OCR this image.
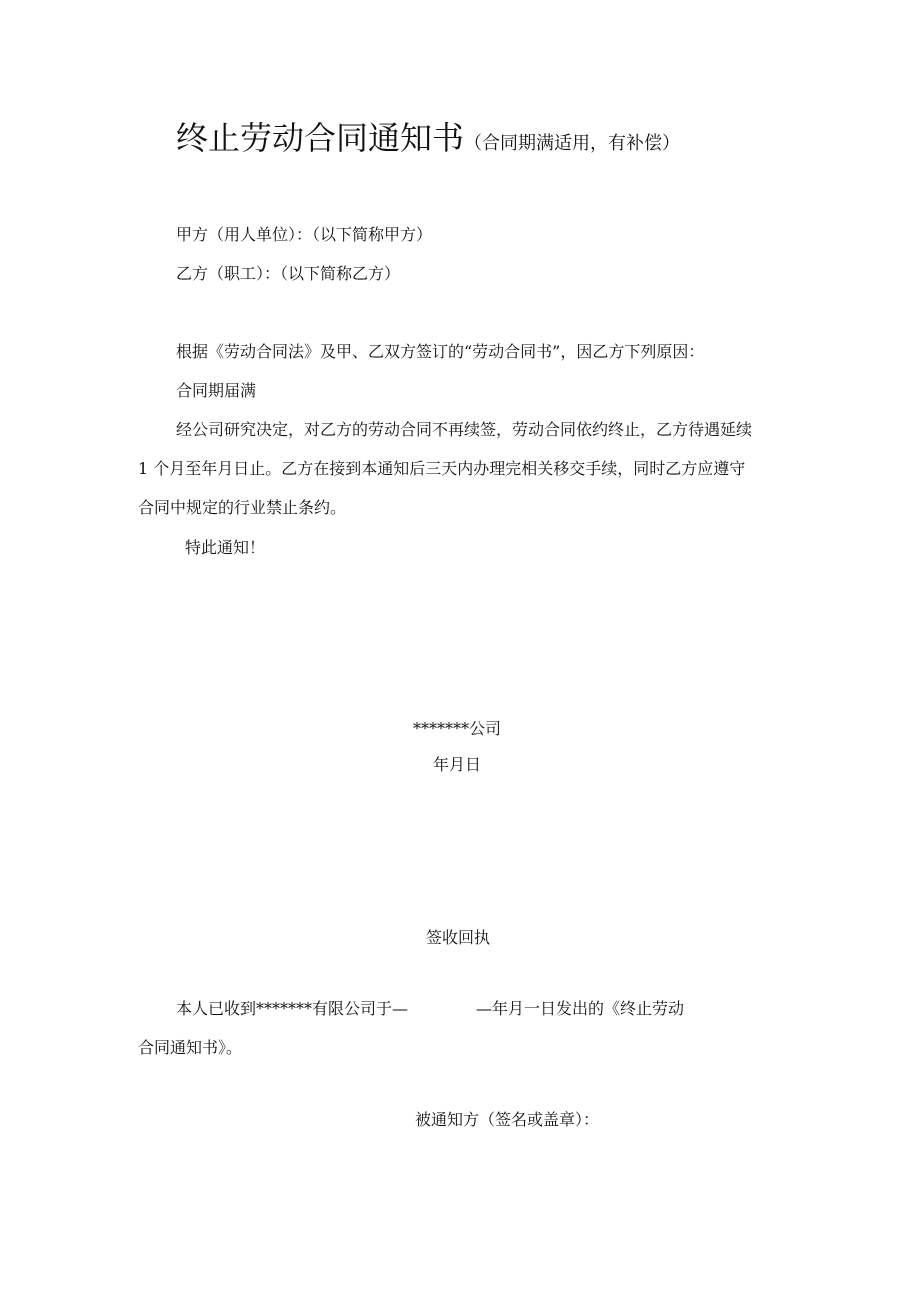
终止劳动合同通知书（合同期满适用，有补偿）
甲方（用人单位）：（以下简称甲方）
乙方（职工）：（以下简称乙方）
根据《劳动合同法》及甲、乙双方签订的“劳动合同书”，因乙方下列原因：
合同期届满
经公司研究决定，对乙方的劳动合同不再续签，劳动合同依约终止，乙方待遇延续
1 个月至年月日止。乙方在接到本通知后三天内办理完相关移交手续，同时乙方应遵守
合同中规定的行业禁止条约。
特此通知！
*******公司
年月日
签收回执
本人已收到*******有限公司于—	—年月一日发出的《终止劳动
合同通知书》。
被通知方（签名或盖章）：
